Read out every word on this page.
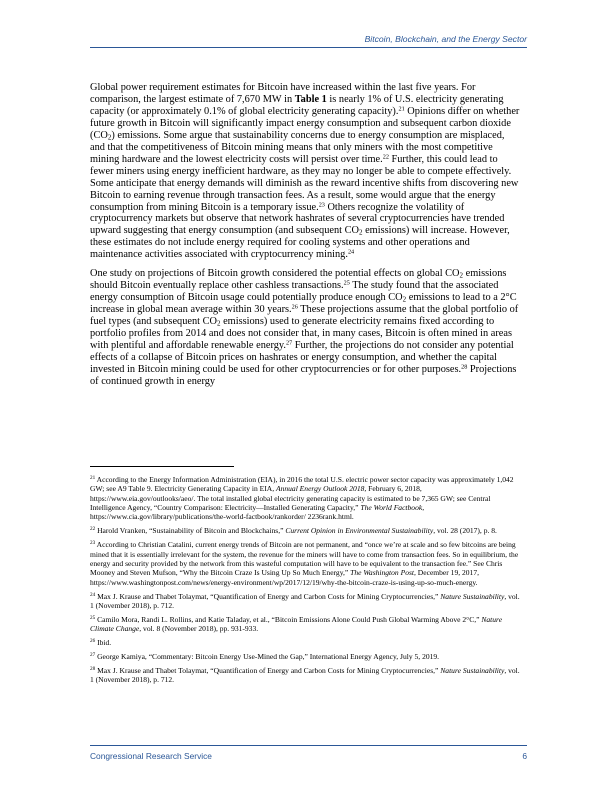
Bitcoin, Blockchain, and the Energy Sector

Global power requirement estimates for Bitcoin have increased within the last five years. For comparison, the largest estimate of 7,670 MW in Table 1 is nearly 1% of U.S. electricity generating capacity (or approximately 0.1% of global electricity generating capacity).$^{21}$ Opinions differ on whether future growth in Bitcoin will significantly impact energy consumption and subsequent carbon dioxide $(CO_2)$ emissions. Some argue that sustainability concerns due to energy consumption are misplaced, and that the competitiveness of Bitcoin mining means that only miners with the most competitive mining hardware and the lowest electricity costs will persist over time.$^{22}$ Further, this could lead to fewer miners using energy inefficient hardware, as they may no longer be able to compete effectively. Some anticipate that energy demands will diminish as the reward incentive shifts from discovering new Bitcoin to earning revenue through transaction fees. As a result, some would argue that the energy consumption from mining Bitcoin is a temporary issue.$^{23}$ Others recognize the volatility of cryptocurrency markets but observe that network hashrates of several cryptocurrencies have trended upward suggesting that energy consumption (and subsequent $CO_2$ emissions) will increase. However, these estimates do not include energy required for cooling systems and other operations and maintenance activities associated with cryptocurrency mining.$^{24}$

One study on projections of Bitcoin growth considered the potential effects on global $CO_2$ emissions should Bitcoin eventually replace other cashless transactions.$^{25}$ The study found that the associated energy consumption of Bitcoin usage could potentially produce enough $CO_2$ emissions to lead to a 2°C increase in global mean average within 30 years.$^{26}$ These projections assume that the global portfolio of fuel types (and subsequent $CO_2$ emissions) used to generate electricity remains fixed according to portfolio profiles from 2014 and does not consider that, in many cases, Bitcoin is often mined in areas with plentiful and affordable renewable energy.$^{27}$ Further, the projections do not consider any potential effects of a collapse of Bitcoin prices on hashrates or energy consumption, and whether the capital invested in Bitcoin mining could be used for other cryptocurrencies or for other purposes.$^{28}$ Projections of continued growth in energy

$^{21}$ According to the Energy Information Administration (EIA), in 2016 the total U.S. electric power sector capacity was approximately 1,042 GW; see A9 Table 9. Electricity Generating Capacity in EIA, Annual Energy Outlook 2018, February 6, 2018, https://www.eia.gov/outlooks/aeo/. The total installed global electricity generating capacity is estimated to be 7,365 GW; see Central Intelligence Agency, “Country Comparison: Electricity—Installed Generating Capacity,” The World Factbook, https://www.cia.gov/library/publications/the-world-factbook/rankorder/ 2236rank.html.

$^{22}$ Harold Vranken, “Sustainability of Bitcoin and Blockchains,” Current Opinion in Environmental Sustainability, vol. 28 (2017), p. 8.

$^{23}$ According to Christian Catalini, current energy trends of Bitcoin are not permanent, and “once we’re at scale and so few bitcoins are being mined that it is essentially irrelevant for the system, the revenue for the miners will have to come from transaction fees. So in equilibrium, the energy and security provided by the network from this wasteful computation will have to be equivalent to the transaction fee.” See Chris Mooney and Steven Mufson, “Why the Bitcoin Craze Is Using Up So Much Energy,” The Washington Post, December 19, 2017, https://www.washingtonpost.com/news/energy-environment/wp/2017/12/19/why-the-bitcoin-craze-is-using-up-so-much-energy.

$^{24}$ Max J. Krause and Thabet Tolaymat, “Quantification of Energy and Carbon Costs for Mining Cryptocurrencies,” Nature Sustainability, vol. 1 (November 2018), p. 712.

$^{25}$ Camilo Mora, Randi L. Rollins, and Katie Taladay, et al., “Bitcoin Emissions Alone Could Push Global Warming Above 2°C,” Nature Climate Change, vol. 8 (November 2018), pp. 931-933.

$^{26}$ Ibid.

$^{27}$ George Kamiya, “Commentary: Bitcoin Energy Use-Mined the Gap,” International Energy Agency, July 5, 2019.

$^{28}$ Max J. Krause and Thabet Tolaymat, “Quantification of Energy and Carbon Costs for Mining Cryptocurrencies,” Nature Sustainability, vol. 1 (November 2018), p. 712.

Congressional Research Service	6
